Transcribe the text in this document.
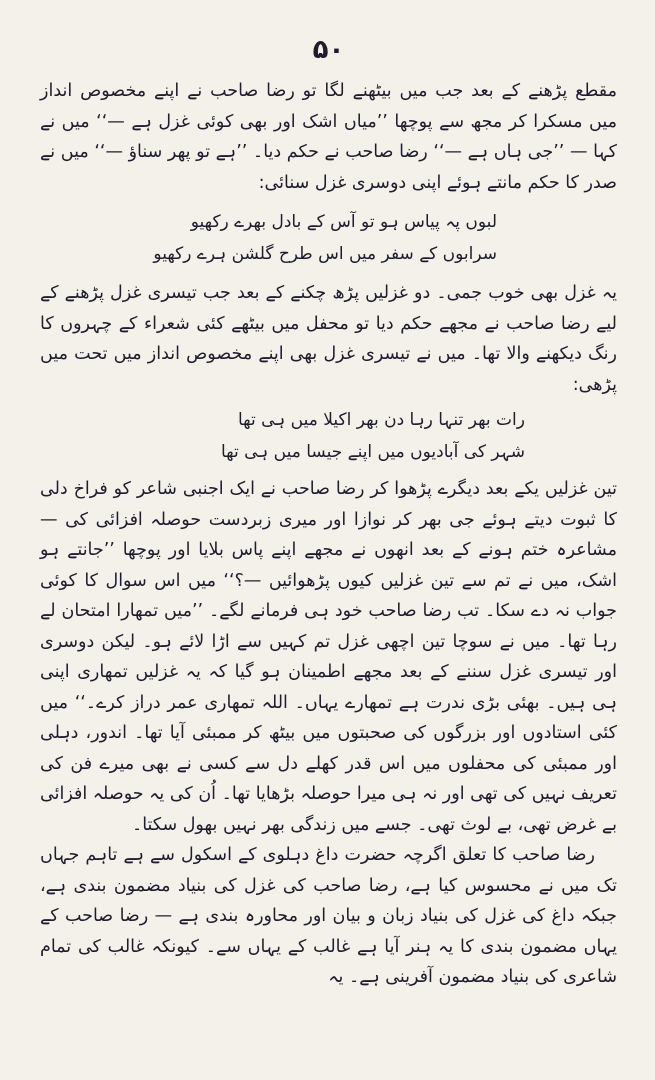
۵۰

مقطع پڑھنے کے بعد جب میں بیٹھنے لگا تو رضا صاحب نے اپنے مخصوص انداز میں مسکرا کر مجھ سے پوچھا ’’میاں اشک اور بھی کوئی غزل ہے —‘‘ میں نے کہا — ’’جی ہاں ہے —‘‘ رضا صاحب نے حکم دیا۔ ’’ہے تو پھر سناؤ —‘‘ میں نے صدر کا حکم مانتے ہوئے اپنی دوسری غزل سنائی:

لبوں پہ پیاس ہو تو آس کے بادل بھرے رکھیو
سرابوں کے سفر میں اس طرح گلشن ہرے رکھیو

یہ غزل بھی خوب جمی۔ دو غزلیں پڑھ چکنے کے بعد جب تیسری غزل پڑھنے کے لیے رضا صاحب نے مجھے حکم دیا تو محفل میں بیٹھے کئی شعراء کے چہروں کا رنگ دیکھنے والا تھا۔ میں نے تیسری غزل بھی اپنے مخصوص انداز میں تحت میں پڑھی:

رات بھر تنہا رہا دن بھر اکیلا میں ہی تھا
شہر کی آبادیوں میں اپنے جیسا میں ہی تھا

تین غزلیں یکے بعد دیگرے پڑھوا کر رضا صاحب نے ایک اجنبی شاعر کو فراخ دلی کا ثبوت دیتے ہوئے جی بھر کر نوازا اور میری زبردست حوصلہ افزائی کی — مشاعرہ ختم ہونے کے بعد انھوں نے مجھے اپنے پاس بلایا اور پوچھا ’’جانتے ہو اشک، میں نے تم سے تین غزلیں کیوں پڑھوائیں —؟‘‘ میں اس سوال کا کوئی جواب نہ دے سکا۔ تب رضا صاحب خود ہی فرمانے لگے۔ ’’میں تمھارا امتحان لے رہا تھا۔ میں نے سوچا تین اچھی غزل تم کہیں سے اڑا لائے ہو۔ لیکن دوسری اور تیسری غزل سننے کے بعد مجھے اطمینان ہو گیا کہ یہ غزلیں تمھاری اپنی ہی ہیں۔ بھئی بڑی ندرت ہے تمھارے یہاں۔ اللہ تمھاری عمر دراز کرے۔‘‘ میں کئی استادوں اور بزرگوں کی صحبتوں میں بیٹھ کر ممبئی آیا تھا۔ اندور، دہلی اور ممبئی کی محفلوں میں اس قدر کھلے دل سے کسی نے بھی میرے فن کی تعریف نہیں کی تھی اور نہ ہی میرا حوصلہ بڑھایا تھا۔ اُن کی یہ حوصلہ افزائی بے غرض تھی، بے لوث تھی۔ جسے میں زندگی بھر نہیں بھول سکتا۔

رضا صاحب کا تعلق اگرچہ حضرت داغ دہلوی کے اسکول سے ہے تاہم جہاں تک میں نے محسوس کیا ہے، رضا صاحب کی غزل کی بنیاد مضمون بندی ہے، جبکہ داغ کی غزل کی بنیاد زبان و بیان اور محاورہ بندی ہے — رضا صاحب کے یہاں مضمون بندی کا یہ ہنر آیا ہے غالب کے یہاں سے۔ کیونکہ غالب کی تمام شاعری کی بنیاد مضمون آفرینی ہے۔ یہ
